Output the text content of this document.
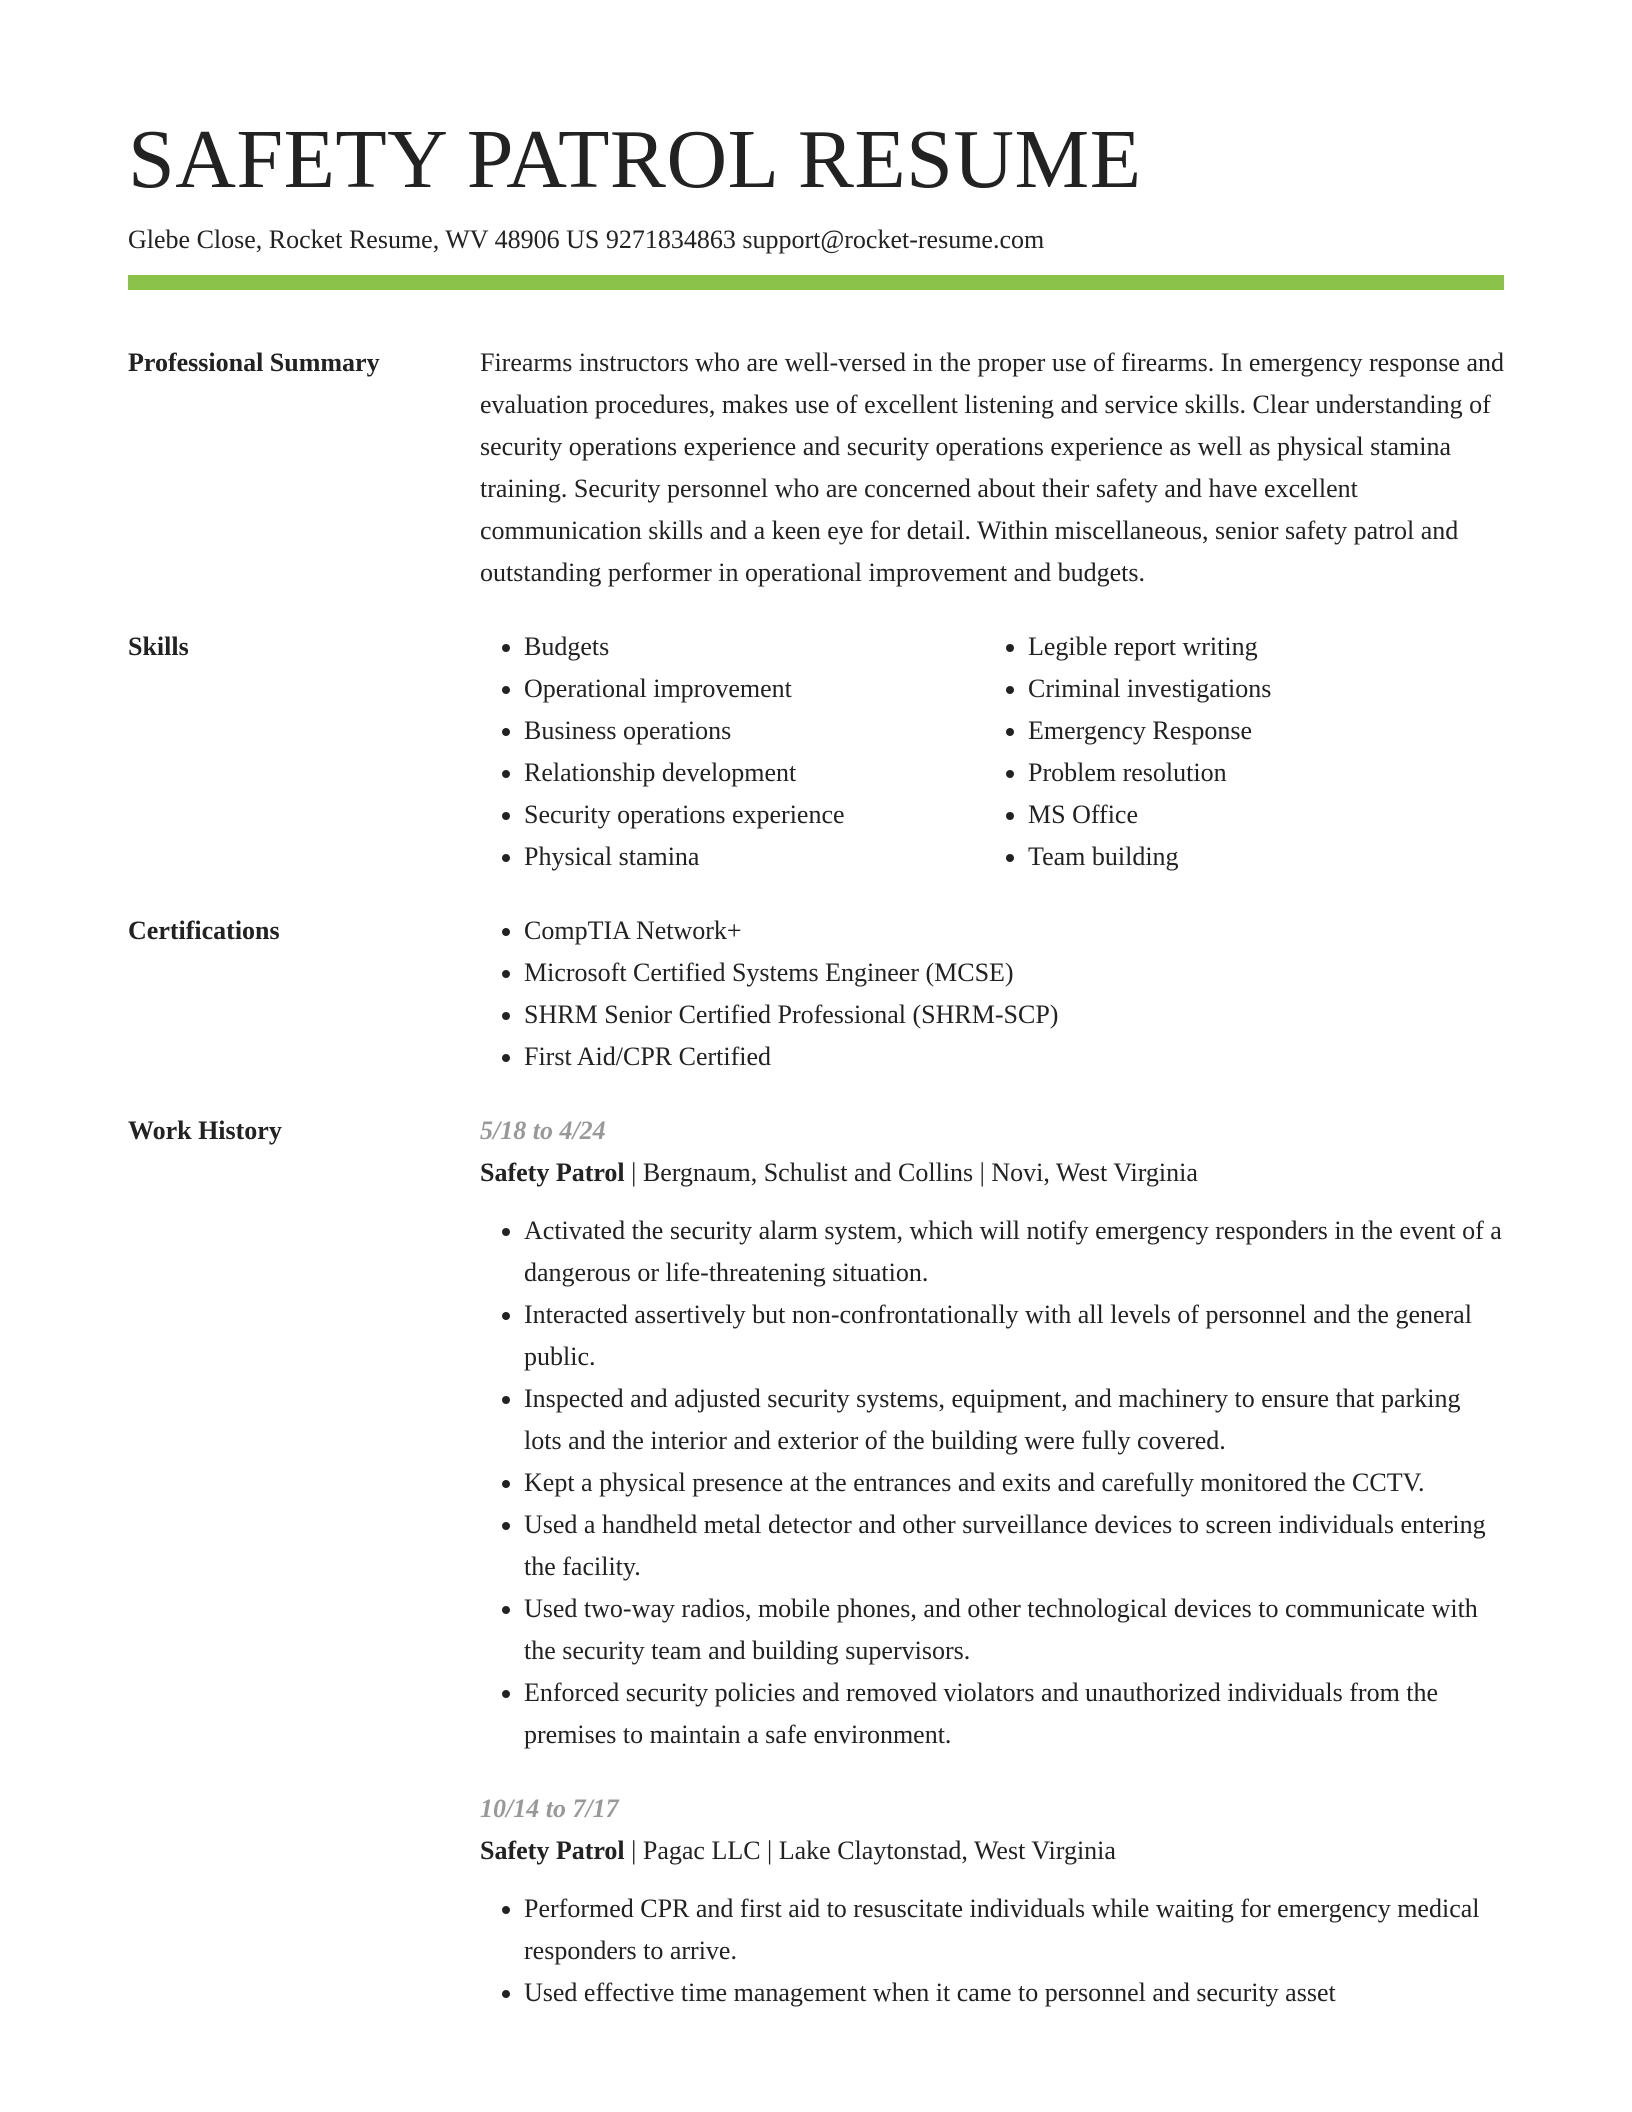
SAFETY PATROL RESUME
Glebe Close, Rocket Resume, WV 48906 US 9271834863 support@rocket-resume.com
Professional Summary	Firearms instructors who are well-versed in the proper use of firearms. In emergency response and evaluation procedures, makes use of excellent listening and service skills. Clear understanding of security operations experience and security operations experience as well as physical stamina training. Security personnel who are concerned about their safety and have excellent communication skills and a keen eye for detail. Within miscellaneous, senior safety patrol and outstanding performer in operational improvement and budgets.
Skills	• Budgets
• Operational improvement
• Business operations
• Relationship development
• Security operations experience
• Physical stamina
• Legible report writing
• Criminal investigations
• Emergency Response
• Problem resolution
• MS Office
• Team building
Certifications	• CompTIA Network+
• Microsoft Certified Systems Engineer (MCSE)
• SHRM Senior Certified Professional (SHRM-SCP)
• First Aid/CPR Certified
Work History	5/18 to 4/24
Safety Patrol | Bergnaum, Schulist and Collins | Novi, West Virginia
• Activated the security alarm system, which will notify emergency responders in the event of a dangerous or life-threatening situation.
• Interacted assertively but non-confrontationally with all levels of personnel and the general public.
• Inspected and adjusted security systems, equipment, and machinery to ensure that parking lots and the interior and exterior of the building were fully covered.
• Kept a physical presence at the entrances and exits and carefully monitored the CCTV.
• Used a handheld metal detector and other surveillance devices to screen individuals entering the facility.
• Used two-way radios, mobile phones, and other technological devices to communicate with the security team and building supervisors.
• Enforced security policies and removed violators and unauthorized individuals from the premises to maintain a safe environment.
10/14 to 7/17
Safety Patrol | Pagac LLC | Lake Claytonstad, West Virginia
• Performed CPR and first aid to resuscitate individuals while waiting for emergency medical responders to arrive.
• Used effective time management when it came to personnel and security asset
